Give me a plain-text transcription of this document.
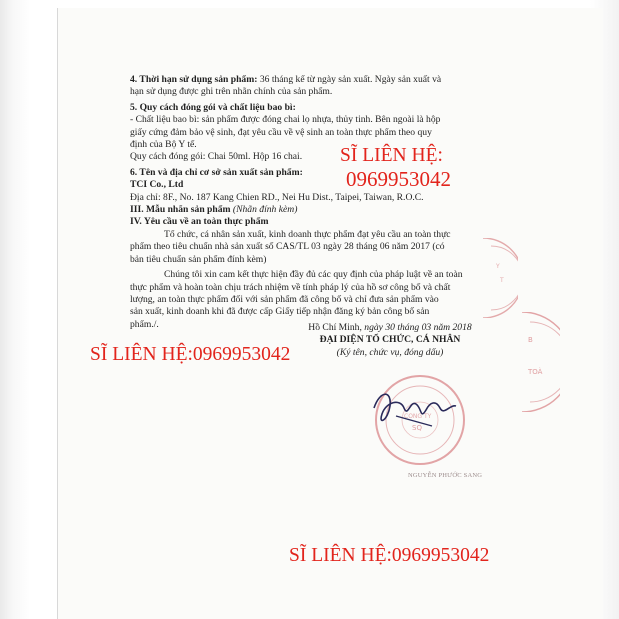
4. Thời hạn sử dụng sản phẩm: 36 tháng kể từ ngày sản xuất. Ngày sản xuất và

hạn sử dụng được ghi trên nhãn chính của sản phẩm.

5. Quy cách đóng gói và chất liệu bao bì:

- Chất liệu bao bì: sản phẩm được đóng chai lọ nhựa, thủy tinh. Bên ngoài là hộp

giấy cứng đảm bảo vệ sinh, đạt yêu cầu về vệ sinh an toàn thực phẩm theo quy

định của Bộ Y tế.

Quy cách đóng gói: Chai 50ml. Hộp 16 chai.

6. Tên và địa chỉ cơ sở sản xuất sản phẩm:

TCI Co., Ltd

Địa chỉ: 8F., No. 187 Kang Chien RD., Nei Hu Dist., Taipei, Taiwan, R.O.C.

III. Mẫu nhãn sản phẩm (Nhãn đính kèm)

IV. Yêu cầu về an toàn thực phẩm

Tổ chức, cá nhân sản xuất, kinh doanh thực phẩm đạt yêu cầu an toàn thực

phẩm theo tiêu chuẩn nhà sản xuất số CAS/TL 03 ngày 28 tháng 06 năm 2017 (có

bản tiêu chuẩn sản phẩm đính kèm)

Chúng tôi xin cam kết thực hiện đầy đủ các quy định của pháp luật về an toàn

thực phẩm và hoàn toàn chịu trách nhiệm về tính pháp lý của hồ sơ công bố và chất

lượng, an toàn thực phẩm đối với sản phẩm đã công bố và chỉ đưa sản phẩm vào

sản xuất, kinh doanh khi đã được cấp Giấy tiếp nhận đăng ký bản công bố sản

phẩm./.	Hồ Chí Minh, ngày 30 tháng 03 năm 2018

ĐẠI DIỆN TỔ CHỨC, CÁ NHÂN

(Ký tên, chức vụ, đóng dấu)

Y
T
B
TOÀ
CÔNG TY
SQ
NGUYỄN PHƯỚC SANG
SĨ LIÊN HỆ:
0969953042
SĨ LIÊN HỆ:0969953042
SĨ LIÊN HỆ:0969953042
